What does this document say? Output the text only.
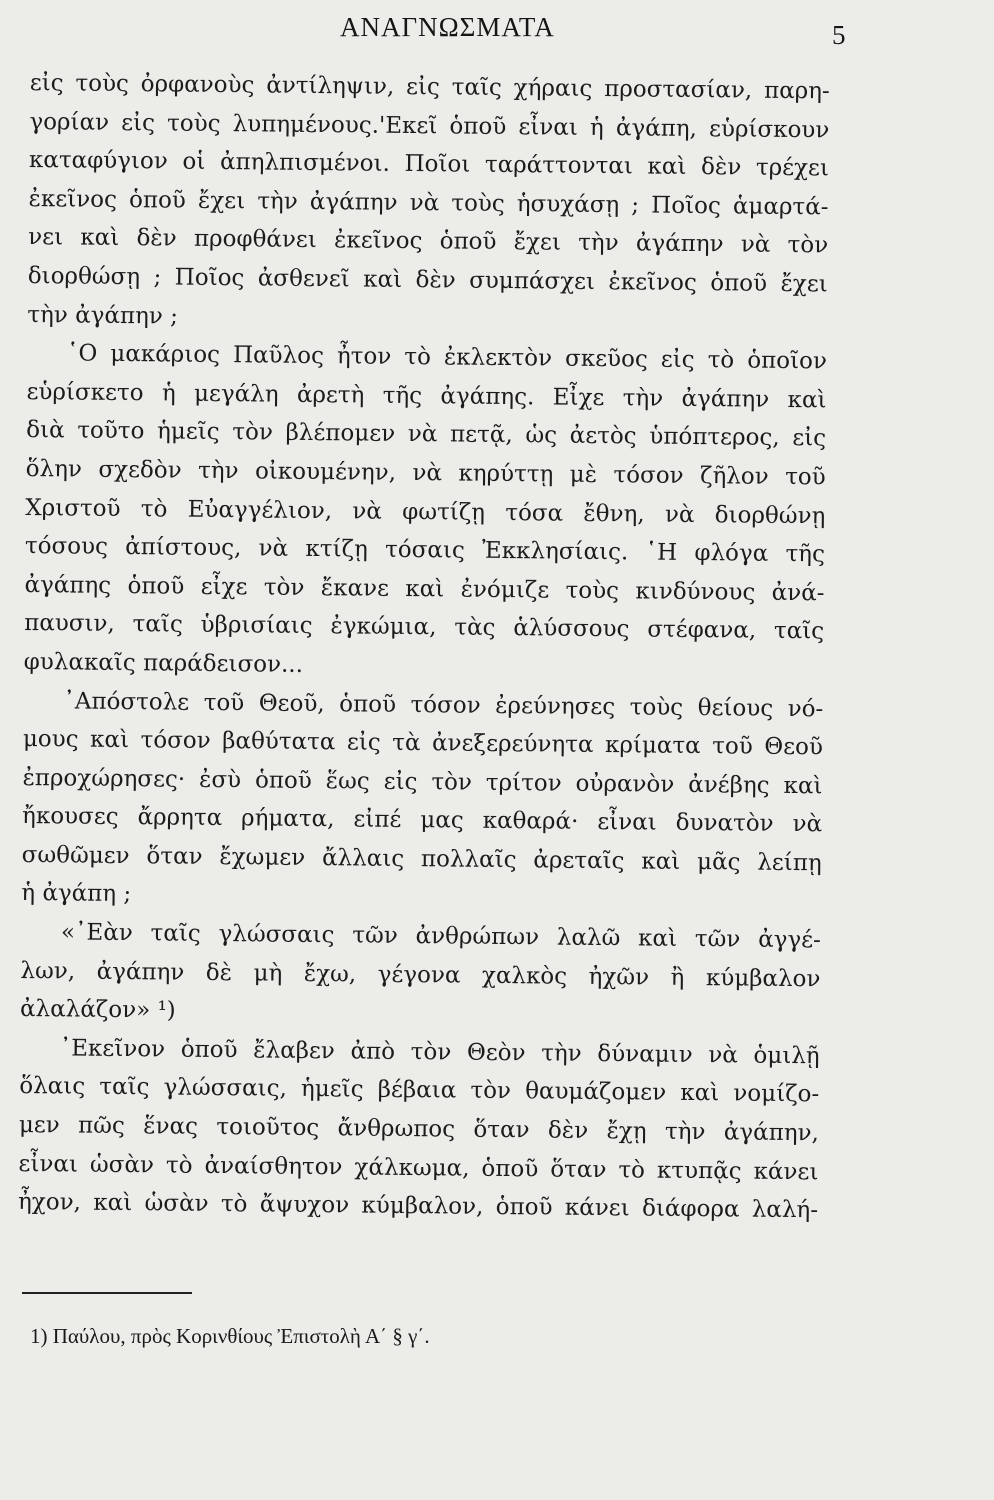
ΑΝΑΓΝΩΣΜΑΤΑ	5
εἰς τοὺς ὀρφανοὺς ἀντίληψιν, εἰς ταῖς χήραις προστασίαν, παρη-
γορίαν εἰς τοὺς λυπημένους.'Εκεῖ ὁποῦ εἶναι ἡ ἀγάπη, εὑρίσκουν
καταφύγιον οἱ ἀπηλπισμένοι. Ποῖοι ταράττονται καὶ δὲν τρέχει
ἐκεῖνος ὁποῦ ἔχει τὴν ἀγάπην νὰ τοὺς ἡσυχάσῃ ; Ποῖος ἁμαρτά-
νει καὶ δὲν προφθάνει ἐκεῖνος ὁποῦ ἔχει τὴν ἀγάπην νὰ τὸν
διορθώσῃ ; Ποῖος ἀσθενεῖ καὶ δὲν συμπάσχει ἐκεῖνος ὁποῦ ἔχει
τὴν ἀγάπην ;
῾Ο μακάριος Παῦλος ἦτον τὸ ἐκλεκτὸν σκεῦος εἰς τὸ ὁποῖον
εὑρίσκετο ἡ μεγάλη ἀρετὴ τῆς ἀγάπης. Εἶχε τὴν ἀγάπην καὶ
διὰ τοῦτο ἡμεῖς τὸν βλέπομεν νὰ πετᾷ, ὡς ἀετὸς ὑπόπτερος, εἰς
ὅλην σχεδὸν τὴν οἰκουμένην, νὰ κηρύττῃ μὲ τόσον ζῆλον τοῦ
Χριστοῦ τὸ Εὐαγγέλιον, νὰ φωτίζῃ τόσα ἔθνη, νὰ διορθώνῃ
τόσους ἀπίστους, νὰ κτίζῃ τόσαις Ἐκκλησίαις. ῾Η φλόγα τῆς
ἀγάπης ὁποῦ εἶχε τὸν ἔκανε καὶ ἐνόμιζε τοὺς κινδύνους ἀνά-
παυσιν, ταῖς ὑβρισίαις ἐγκώμια, τὰς ἁλύσσους στέφανα, ταῖς
φυλακαῖς παράδεισον...
᾿Απόστολε τοῦ Θεοῦ, ὁποῦ τόσον ἐρεύνησες τοὺς θείους νό-
μους καὶ τόσον βαθύτατα εἰς τὰ ἀνεξερεύνητα κρίματα τοῦ Θεοῦ
ἐπροχώρησες· ἐσὺ ὁποῦ ἕως εἰς τὸν τρίτον οὐρανὸν ἀνέβης καὶ
ἤκουσες ἄρρητα ρήματα, εἰπέ μας καθαρά· εἶναι δυνατὸν νὰ
σωθῶμεν ὅταν ἔχωμεν ἄλλαις πολλαῖς ἀρεταῖς καὶ μᾶς λείπῃ
ἡ ἀγάπη ;
«᾿Εὰν ταῖς γλώσσαις τῶν ἀνθρώπων λαλῶ καὶ τῶν ἀγγέ-
λων, ἀγάπην δὲ μὴ ἔχω, γέγονα χαλκὸς ἠχῶν ἢ κύμβαλον
ἀλαλάζον» ¹)
᾿Εκεῖνον ὁποῦ ἔλαβεν ἀπὸ τὸν Θεὸν τὴν δύναμιν νὰ ὁμιλῇ
ὅλαις ταῖς γλώσσαις, ἡμεῖς βέβαια τὸν θαυμάζομεν καὶ νομίζο-
μεν πῶς ἕνας τοιοῦτος ἄνθρωπος ὅταν δὲν ἔχῃ τὴν ἀγάπην,
εἶναι ὡσὰν τὸ ἀναίσθητον χάλκωμα, ὁποῦ ὅταν τὸ κτυπᾷς κάνει
ἦχον, καὶ ὡσὰν τὸ ἄψυχον κύμβαλον, ὁποῦ κάνει διάφορα λαλή-
1) Παύλου, πρὸς Κορινθίους Ἐπιστολὴ Α΄ § γ΄.
